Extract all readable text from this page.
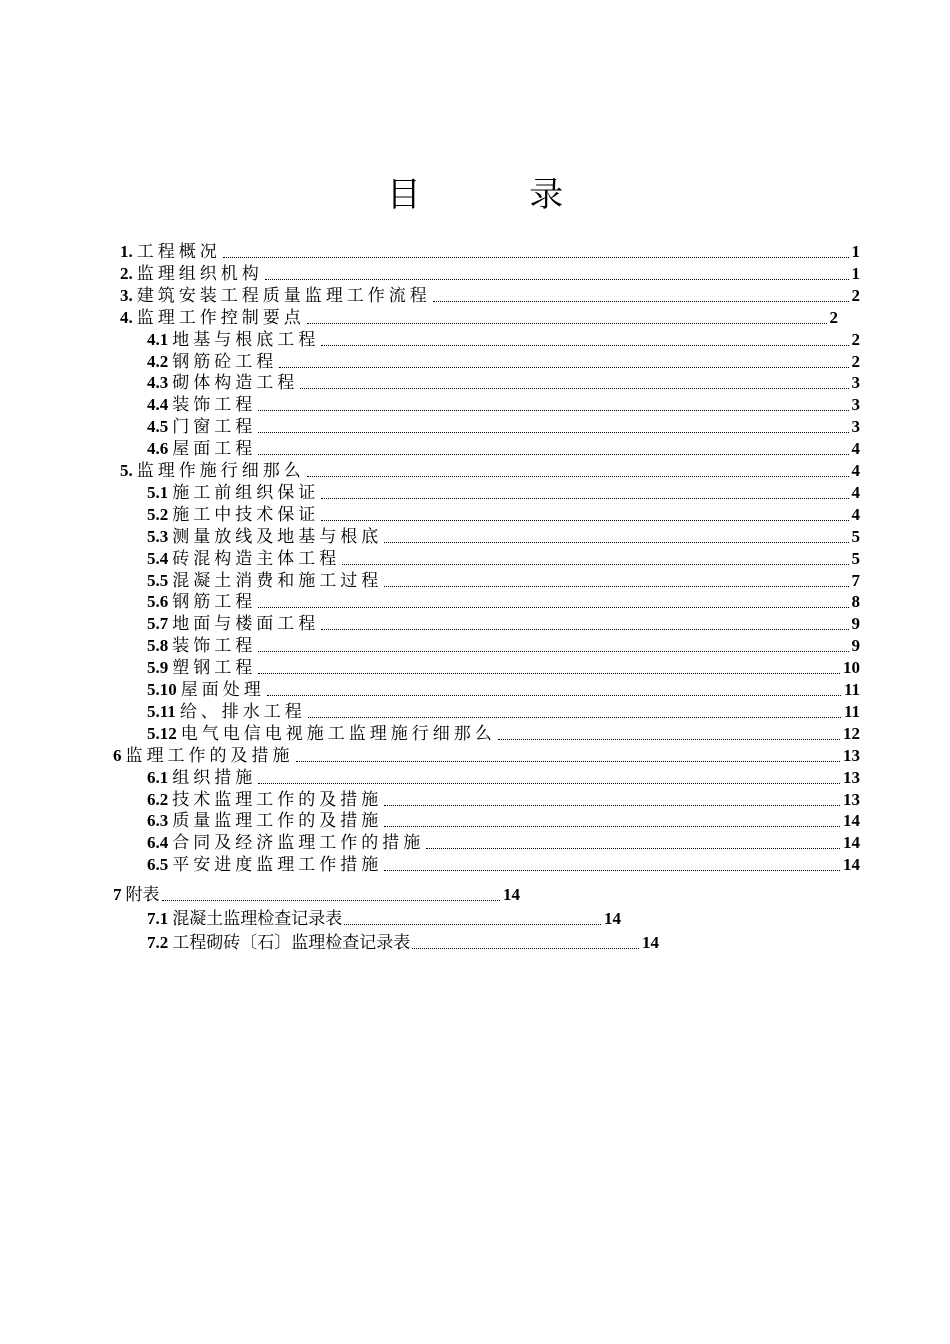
目 录
1. 工程概况	1
2. 监理组织机构	1
3. 建筑安装工程质量监理工作流程	2
4. 监理工作控制要点	2
4.1 地基与根底工程	2
4.2 钢筋砼工程	2
4.3 砌体构造工程	3
4.4 装饰工程	3
4.5 门窗工程	3
4.6 屋面工程	4
5. 监理作施行细那么	4
5.1 施工前组织保证	4
5.2 施工中技术保证	4
5.3 测量放线及地基与根底	5
5.4 砖混构造主体工程	5
5.5 混凝土消费和施工过程	7
5.6 钢筋工程	8
5.7 地面与楼面工程	9
5.8 装饰工程	9
5.9 塑钢工程	10
5.10 屋面处理	11
5.11 给、排水工程	11
5.12 电气电信电视施工监理施行细那么	12
6 监理工作的及措施	13
6.1 组织措施	13
6.2 技术监理工作的及措施	13
6.3 质量监理工作的及措施	14
6.4 合同及经济监理工作的措施	14
6.5 平安进度监理工作措施	14
7 附表	14
7.1 混凝土监理检查记录表	14
7.2 工程砌砖〔石〕监理检查记录表	14
